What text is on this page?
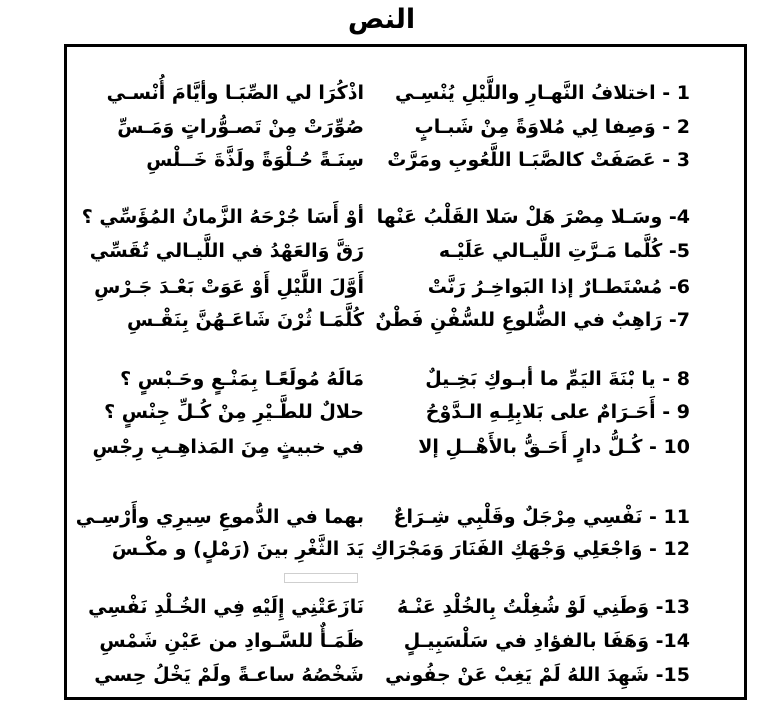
النص
1 - اختلافُ النَّهـارِ واللَّيْلِ يُنْسِـي
اذْكُرَا لي الصِّبَـا وأيَّامَ أُنْسـي
2 - وَصِفا لِي مُلاوَةً مِنْ شَبـابٍ
صُوِّرَتْ مِنْ تَصـوُّراتٍ وَمَـسِّ
3 - عَصَفَتْ كالصَّبَـا اللَّعُوبِ ومَرَّتْ
سِنَـةً حُـلْوَةً ولَذَّةَ خَــلْسِ
4- وسَـلا مِصْرَ هَلْ سَلا القَلْبُ عَنْها
أوْ أَسَا جُرْحَهُ الزَّمانُ المُؤَسِّي ؟
5- كُلَّما مَـرَّتِ اللَّيـالي عَلَيْـه
رَقَّ وَالعَهْدُ في اللَّيـالي تُقَسِّي
6- مُسْتَطـارٌ إذا البَواخِـرُ رَنَّتْ
أَوَّلَ اللَّيْلِ أَوْ عَوَتْ بَعْـدَ جَـرْسِ
7- رَاهِبٌ في الضُّلوعِ للسُّفْنِ فَطْنٌ
كُلَّمَـا ثُرْنَ شَاعَـهُنَّ بِنَقْـسِ
8 - يا بْنَةَ اليَمِّ ما أبـوكِ بَخِـيلٌ
مَالَهُ مُولَعًـا بِمَنْـعٍ وحَـبْسٍ ؟
9 - أَحَـرَامٌ على بَلابِلِـهِ الـدَّوْحُ
حلالٌ للطَّـيْرِ مِنْ كُـلِّ جِنْسٍ ؟
10 - كُـلُّ دارٍ أَحَـقُّ بالأَهْــلِ إلا
في خبيثٍ مِنَ المَذاهِـبِ رِجْسِ
11 - نَفْسِي مِرْجَلٌ وقَلْبِي شِـرَاعٌ
بهما في الدُّموعِ سِيرِي وأَرْسِـي
12 - وَاجْعَلِي وَجْهَكِ الفَنَارَ وَمَجْرَاكِ
يَدَ الثَّغْرِ بينَ (رَمْلٍ) و مكْـسَ
13- وَطَنِي لَوْ شُغِلْتُ بِالخُلْدِ عَنْـهُ
نَازَعَتْنِي إِلَيْهِ فِي الخُـلْدِ نَفْسِي
14- وَهَفَا بالفؤادِ في سَلْسَبِيـلٍ
ظَمَـأٌ للسَّـوادِ من عَيْنِ شَمْسِ
15- شَهِدَ اللهُ لَمْ يَغِبْ عَنْ جفُوني
شَخْصُهُ ساعـةً ولَمْ يَخْلُ حِسي
